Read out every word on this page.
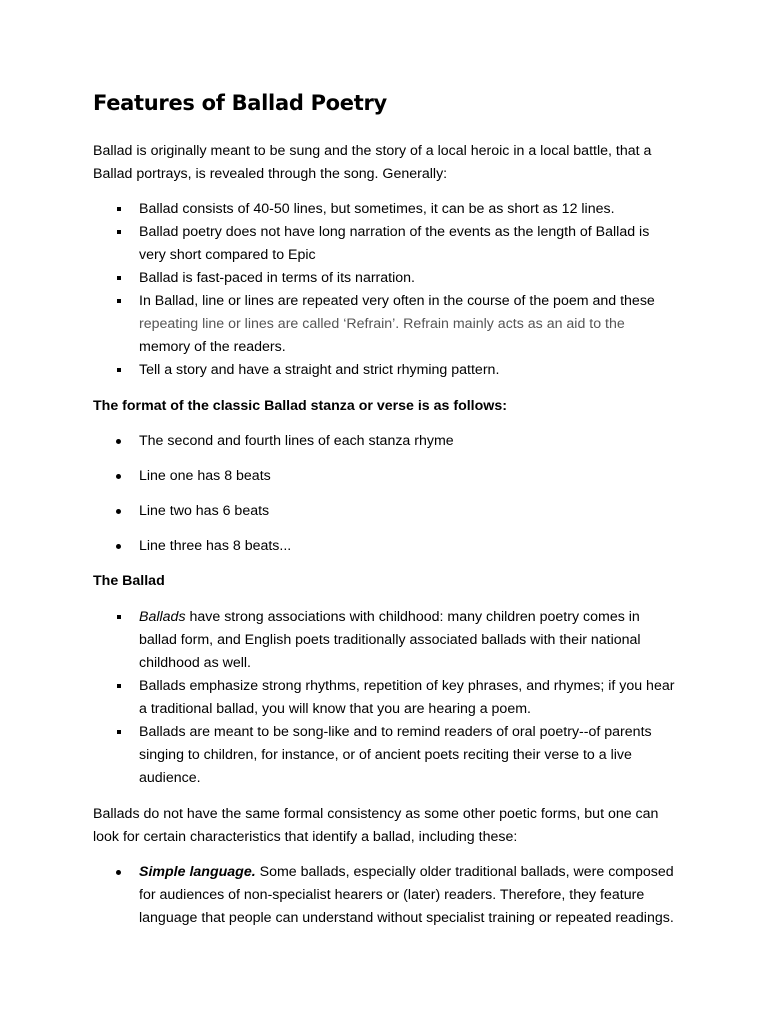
Features of Ballad Poetry

Ballad is originally meant to be sung and the story of a local heroic in a local battle, that a Ballad portrays, is revealed through the song. Generally:

Ballad consists of 40-50 lines, but sometimes, it can be as short as 12 lines.
Ballad poetry does not have long narration of the events as the length of Ballad is very short compared to Epic
Ballad is fast-paced in terms of its narration.
In Ballad, line or lines are repeated very often in the course of the poem and these
repeating line or lines are called ‘Refrain’. Refrain mainly acts as an aid to the
memory of the readers.
Tell a story and have a straight and strict rhyming pattern.

The format of the classic Ballad stanza or verse is as follows:

The second and fourth lines of each stanza rhyme
Line one has 8 beats
Line two has 6 beats
Line three has 8 beats...

The Ballad

Ballads have strong associations with childhood: many children poetry comes in ballad form, and English poets traditionally associated ballads with their national childhood as well.
Ballads emphasize strong rhythms, repetition of key phrases, and rhymes; if you hear a traditional ballad, you will know that you are hearing a poem.
Ballads are meant to be song-like and to remind readers of oral poetry--of parents singing to children, for instance, or of ancient poets reciting their verse to a live audience.

Ballads do not have the same formal consistency as some other poetic forms, but one can look for certain characteristics that identify a ballad, including these:

Simple language. Some ballads, especially older traditional ballads, were composed for audiences of non-specialist hearers or (later) readers. Therefore, they feature language that people can understand without specialist training or repeated readings.
